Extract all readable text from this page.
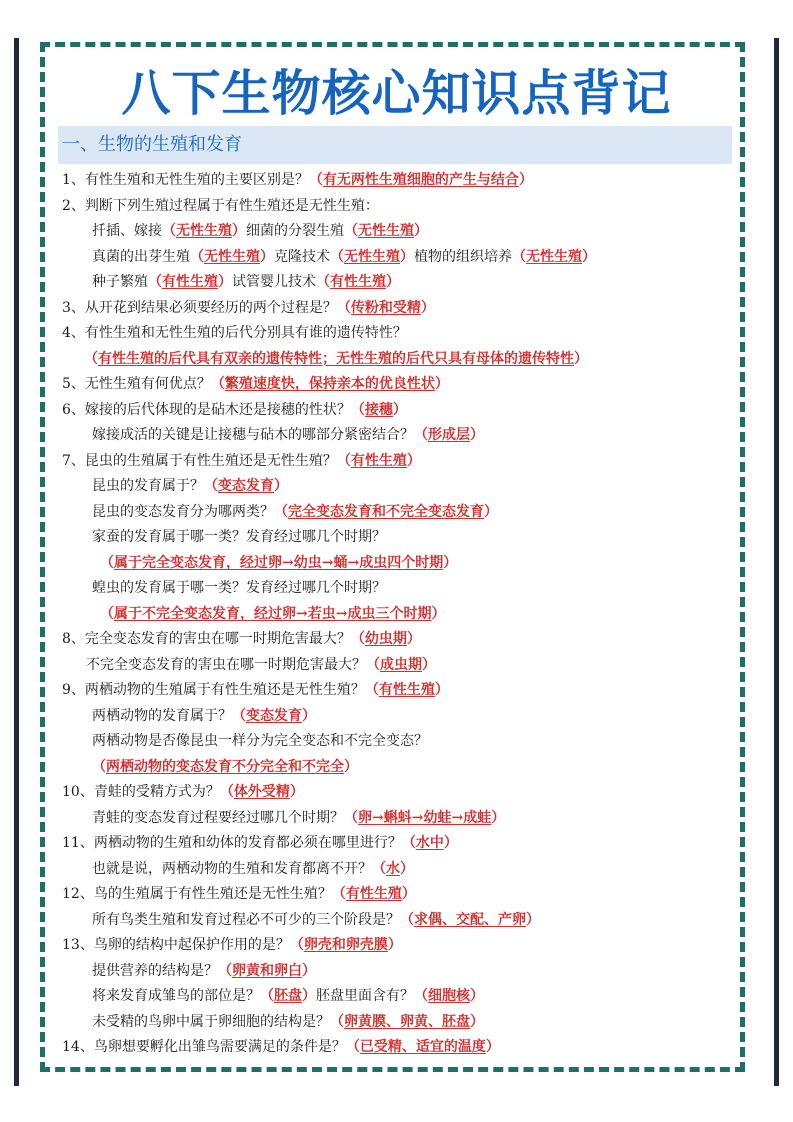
八下生物核心知识点背记
一、生物的生殖和发育
1、有性生殖和无性生殖的主要区别是？（有无两性生殖细胞的产生与结合）
2、判断下列生殖过程属于有性生殖还是无性生殖：
扦插、嫁接（无性生殖）细菌的分裂生殖（无性生殖）
真菌的出芽生殖（无性生殖）克隆技术（无性生殖）植物的组织培养（无性生殖）
种子繁殖（有性生殖）试管婴儿技术（有性生殖）
3、从开花到结果必须要经历的两个过程是？（传粉和受精）
4、有性生殖和无性生殖的后代分别具有谁的遗传特性？
（有性生殖的后代具有双亲的遗传特性；无性生殖的后代只具有母体的遗传特性）
5、无性生殖有何优点？（繁殖速度快，保持亲本的优良性状）
6、嫁接的后代体现的是砧木还是接穗的性状？（接穗）
嫁接成活的关键是让接穗与砧木的哪部分紧密结合？（形成层）
7、昆虫的生殖属于有性生殖还是无性生殖？（有性生殖）
昆虫的发育属于？（变态发育）
昆虫的变态发育分为哪两类？（完全变态发育和不完全变态发育）
家蚕的发育属于哪一类？发育经过哪几个时期？
（属于完全变态发育，经过卵→幼虫→蛹→成虫四个时期）
蝗虫的发育属于哪一类？发育经过哪几个时期？
（属于不完全变态发育，经过卵→若虫→成虫三个时期）
8、完全变态发育的害虫在哪一时期危害最大？（幼虫期）
不完全变态发育的害虫在哪一时期危害最大？（成虫期）
9、两栖动物的生殖属于有性生殖还是无性生殖？（有性生殖）
两栖动物的发育属于？（变态发育）
两栖动物是否像昆虫一样分为完全变态和不完全变态？
（两栖动物的变态发育不分完全和不完全）
10、青蛙的受精方式为？（体外受精）
青蛙的变态发育过程要经过哪几个时期？（卵→蝌蚪→幼蛙→成蛙）
11、两栖动物的生殖和幼体的发育都必须在哪里进行？（水中）
也就是说，两栖动物的生殖和发育都离不开？（水）
12、鸟的生殖属于有性生殖还是无性生殖？（有性生殖）
所有鸟类生殖和发育过程必不可少的三个阶段是？（求偶、交配、产卵）
13、鸟卵的结构中起保护作用的是？（卵壳和卵壳膜）
提供营养的结构是？（卵黄和卵白）
将来发育成雏鸟的部位是？（胚盘）胚盘里面含有？（细胞核）
未受精的鸟卵中属于卵细胞的结构是？（卵黄膜、卵黄、胚盘）
14、鸟卵想要孵化出雏鸟需要满足的条件是？（已受精、适宜的温度）
